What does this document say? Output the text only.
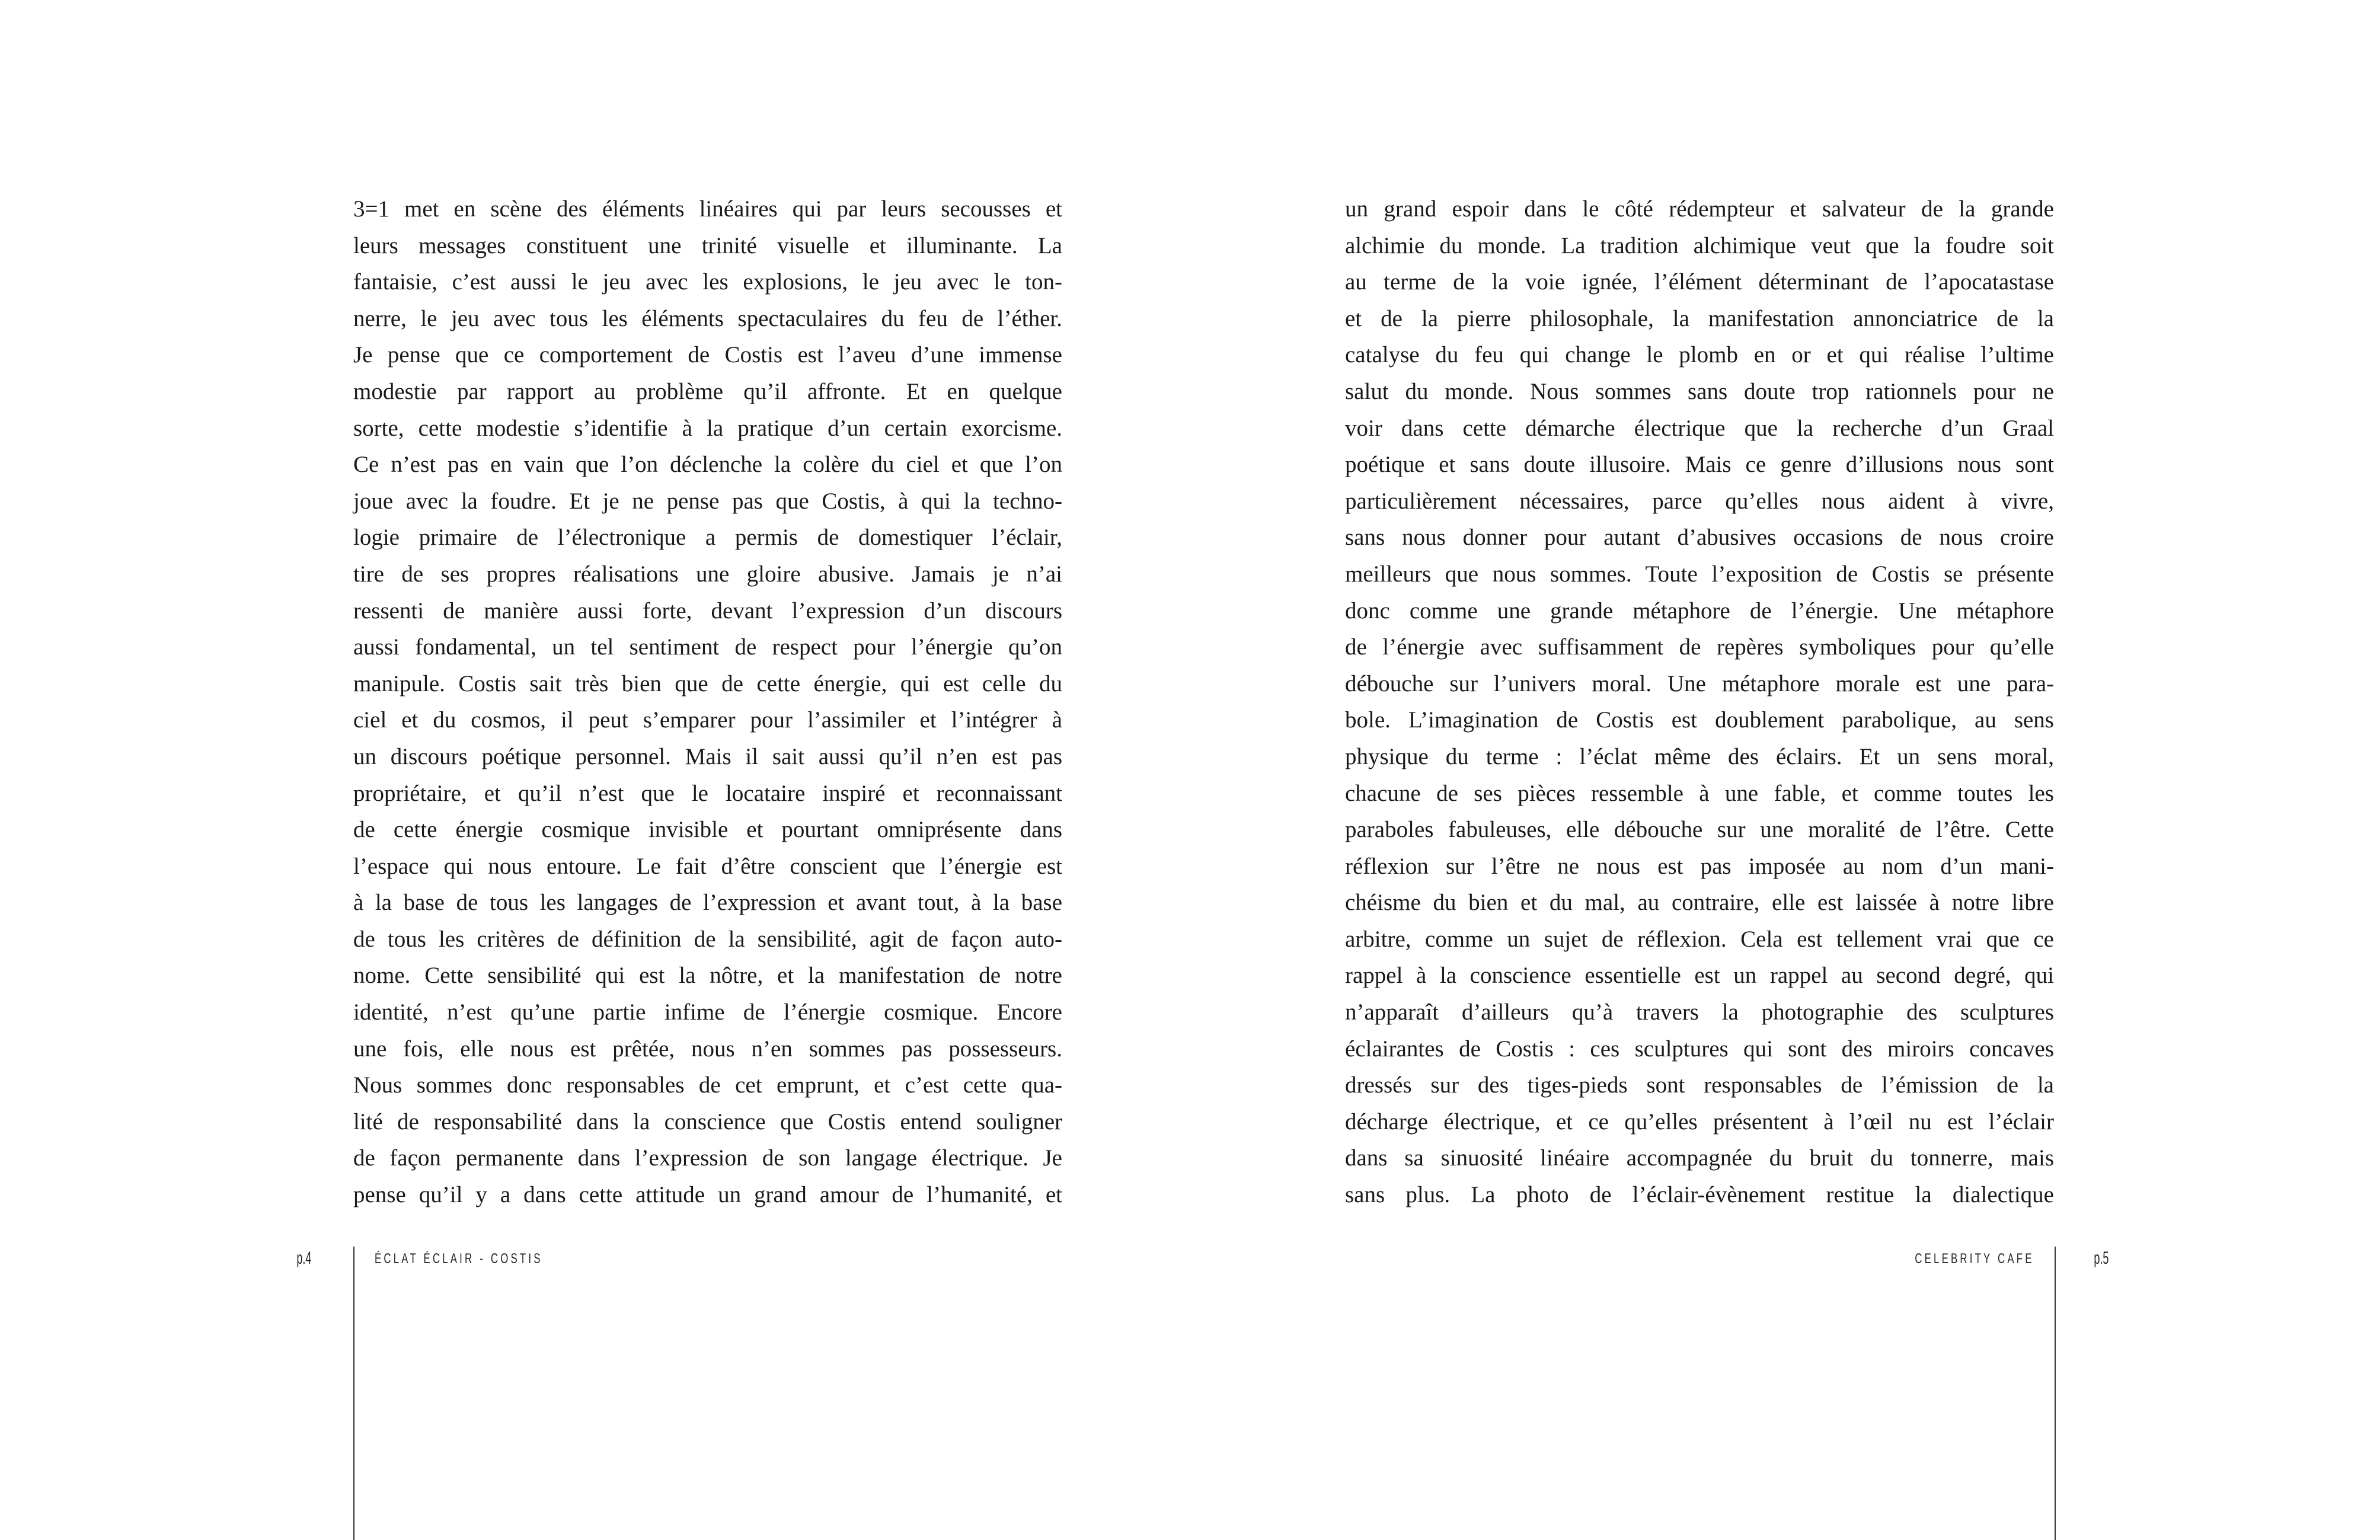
3=1 met en scène des éléments linéaires qui par leurs secousses et
leurs messages constituent une trinité visuelle et illuminante. La
fantaisie, c’est aussi le jeu avec les explosions, le jeu avec le ton-
nerre, le jeu avec tous les éléments spectaculaires du feu de l’éther.
Je pense que ce comportement de Costis est l’aveu d’une immense
modestie par rapport au problème qu’il affronte. Et en quelque
sorte, cette modestie s’identifie à la pratique d’un certain exorcisme.
Ce n’est pas en vain que l’on déclenche la colère du ciel et que l’on
joue avec la foudre. Et je ne pense pas que Costis, à qui la techno-
logie primaire de l’électronique a permis de domestiquer l’éclair,
tire de ses propres réalisations une gloire abusive. Jamais je n’ai
ressenti de manière aussi forte, devant l’expression d’un discours
aussi fondamental, un tel sentiment de respect pour l’énergie qu’on
manipule. Costis sait très bien que de cette énergie, qui est celle du
ciel et du cosmos, il peut s’emparer pour l’assimiler et l’intégrer à
un discours poétique personnel. Mais il sait aussi qu’il n’en est pas
propriétaire, et qu’il n’est que le locataire inspiré et reconnaissant
de cette énergie cosmique invisible et pourtant omniprésente dans
l’espace qui nous entoure. Le fait d’être conscient que l’énergie est
à la base de tous les langages de l’expression et avant tout, à la base
de tous les critères de définition de la sensibilité, agit de façon auto-
nome. Cette sensibilité qui est la nôtre, et la manifestation de notre
identité, n’est qu’une partie infime de l’énergie cosmique. Encore
une fois, elle nous est prêtée, nous n’en sommes pas possesseurs.
Nous sommes donc responsables de cet emprunt, et c’est cette qua-
lité de responsabilité dans la conscience que Costis entend souligner
de façon permanente dans l’expression de son langage électrique. Je
pense qu’il y a dans cette attitude un grand amour de l’humanité, et
un grand espoir dans le côté rédempteur et salvateur de la grande
alchimie du monde. La tradition alchimique veut que la foudre soit
au terme de la voie ignée, l’élément déterminant de l’apocatastase
et de la pierre philosophale, la manifestation annonciatrice de la
catalyse du feu qui change le plomb en or et qui réalise l’ultime
salut du monde. Nous sommes sans doute trop rationnels pour ne
voir dans cette démarche électrique que la recherche d’un Graal
poétique et sans doute illusoire. Mais ce genre d’illusions nous sont
particulièrement nécessaires, parce qu’elles nous aident à vivre,
sans nous donner pour autant d’abusives occasions de nous croire
meilleurs que nous sommes. Toute l’exposition de Costis se présente
donc comme une grande métaphore de l’énergie. Une métaphore
de l’énergie avec suffisamment de repères symboliques pour qu’elle
débouche sur l’univers moral. Une métaphore morale est une para-
bole. L’imagination de Costis est doublement parabolique, au sens
physique du terme : l’éclat même des éclairs. Et un sens moral,
chacune de ses pièces ressemble à une fable, et comme toutes les
paraboles fabuleuses, elle débouche sur une moralité de l’être. Cette
réflexion sur l’être ne nous est pas imposée au nom d’un mani-
chéisme du bien et du mal, au contraire, elle est laissée à notre libre
arbitre, comme un sujet de réflexion. Cela est tellement vrai que ce
rappel à la conscience essentielle est un rappel au second degré, qui
n’apparaît d’ailleurs qu’à travers la photographie des sculptures
éclairantes de Costis : ces sculptures qui sont des miroirs concaves
dressés sur des tiges-pieds sont responsables de l’émission de la
décharge électrique, et ce qu’elles présentent à l’œil nu est l’éclair
dans sa sinuosité linéaire accompagnée du bruit du tonnerre, mais
sans plus. La photo de l’éclair-évènement restitue la dialectique
p.4	ÉCLAT ÉCLAIR - COSTIS	CELEBRITY CAFE	p.5
